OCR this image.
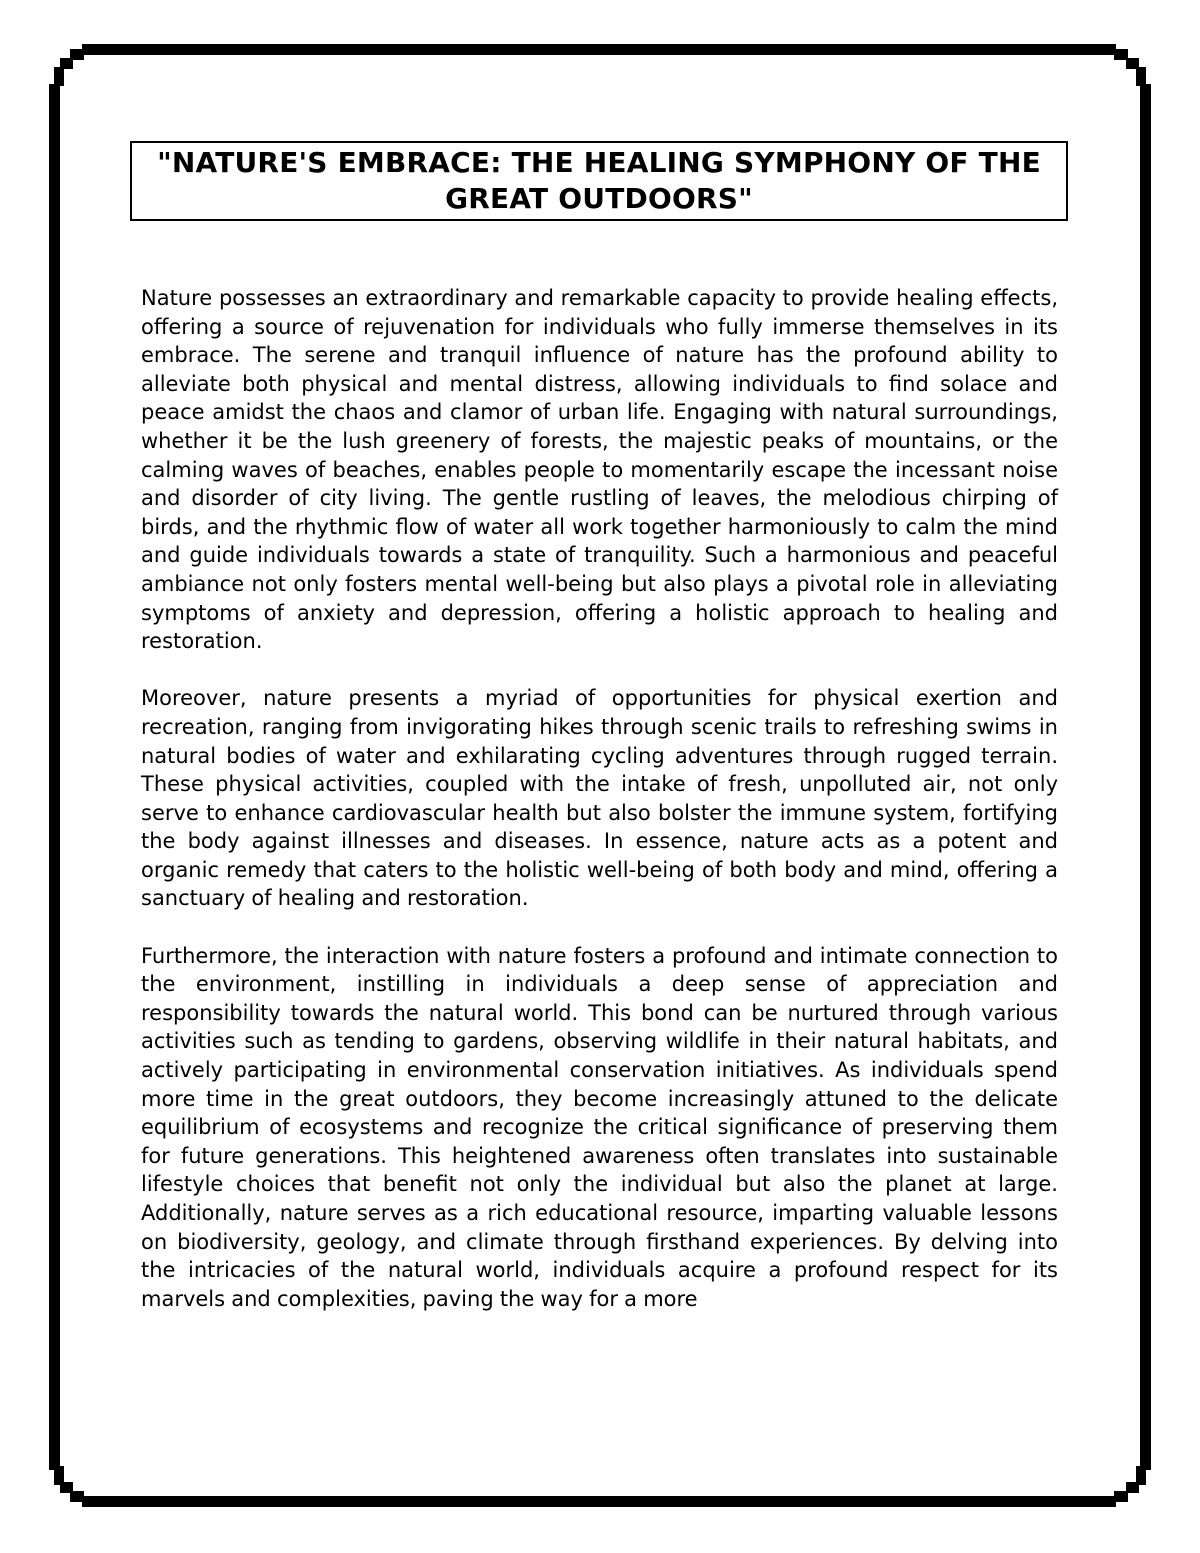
"NATURE'S EMBRACE: THE HEALING SYMPHONY OF THE GREAT OUTDOORS"

Nature possesses an extraordinary and remarkable capacity to provide healing effects, offering a source of rejuvenation for individuals who fully immerse themselves in its embrace. The serene and tranquil influence of nature has the profound ability to alleviate both physical and mental distress, allowing individuals to find solace and peace amidst the chaos and clamor of urban life. Engaging with natural surroundings, whether it be the lush greenery of forests, the majestic peaks of mountains, or the calming waves of beaches, enables people to momentarily escape the incessant noise and disorder of city living. The gentle rustling of leaves, the melodious chirping of birds, and the rhythmic flow of water all work together harmoniously to calm the mind and guide individuals towards a state of tranquility. Such a harmonious and peaceful ambiance not only fosters mental well-being but also plays a pivotal role in alleviating symptoms of anxiety and depression, offering a holistic approach to healing and restoration.

Moreover, nature presents a myriad of opportunities for physical exertion and recreation, ranging from invigorating hikes through scenic trails to refreshing swims in natural bodies of water and exhilarating cycling adventures through rugged terrain. These physical activities, coupled with the intake of fresh, unpolluted air, not only serve to enhance cardiovascular health but also bolster the immune system, fortifying the body against illnesses and diseases. In essence, nature acts as a potent and organic remedy that caters to the holistic well-being of both body and mind, offering a sanctuary of healing and restoration.

Furthermore, the interaction with nature fosters a profound and intimate connection to the environment, instilling in individuals a deep sense of appreciation and responsibility towards the natural world. This bond can be nurtured through various activities such as tending to gardens, observing wildlife in their natural habitats, and actively participating in environmental conservation initiatives. As individuals spend more time in the great outdoors, they become increasingly attuned to the delicate equilibrium of ecosystems and recognize the critical significance of preserving them for future generations. This heightened awareness often translates into sustainable lifestyle choices that benefit not only the individual but also the planet at large. Additionally, nature serves as a rich educational resource, imparting valuable lessons on biodiversity, geology, and climate through firsthand experiences. By delving into the intricacies of the natural world, individuals acquire a profound respect for its marvels and complexities, paving the way for a more
